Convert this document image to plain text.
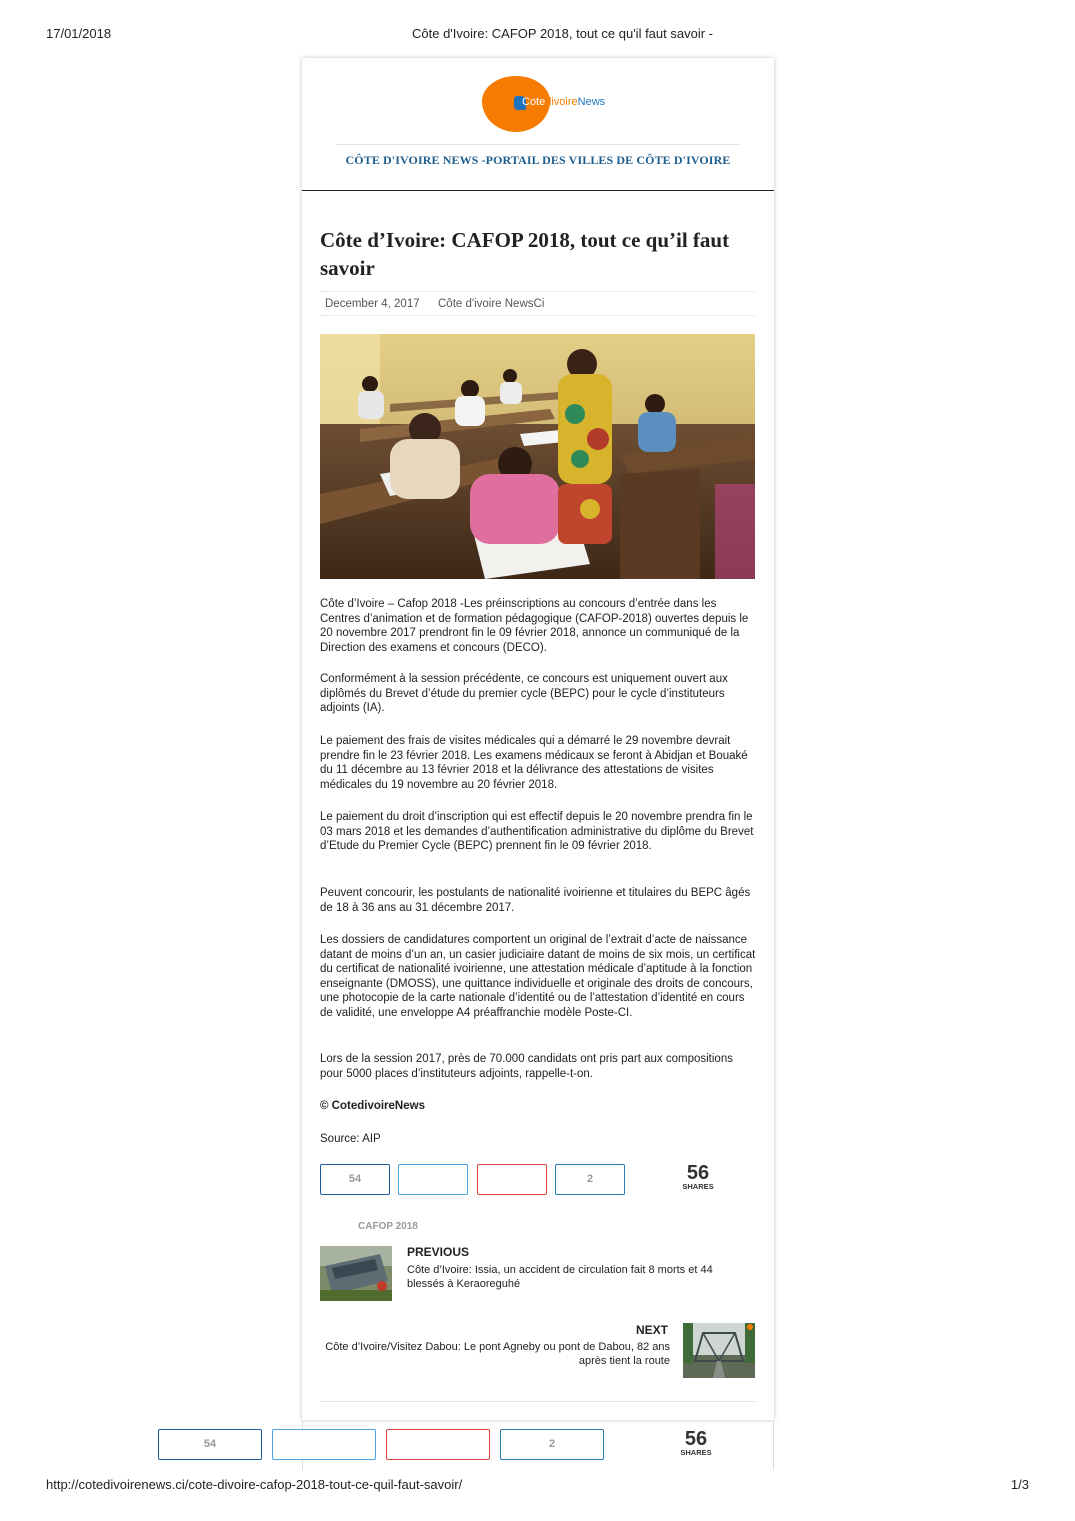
17/01/2018	Côte d'Ivoire: CAFOP 2018, tout ce qu'il faut savoir -
CotedivoireNews
CÔTE D'IVOIRE NEWS -PORTAIL DES VILLES DE CÔTE D'IVOIRE
Côte d’Ivoire: CAFOP 2018, tout ce qu’il faut savoir
December 4, 2017 Côte d'ivoire NewsCi

Côte d’Ivoire – Cafop 2018 -Les préinscriptions au concours d’entrée dans les Centres d’animation et de formation pédagogique (CAFOP-2018) ouvertes depuis le 20 novembre 2017 prendront fin le 09 février 2018, annonce un communiqué de la Direction des examens et concours (DECO).

Conformément à la session précédente, ce concours est uniquement ouvert aux diplômés du Brevet d’étude du premier cycle (BEPC) pour le cycle d’instituteurs adjoints (IA).

Le paiement des frais de visites médicales qui a démarré le 29 novembre devrait prendre fin le 23 février 2018. Les examens médicaux se feront à Abidjan et Bouaké du 11 décembre au 13 février 2018 et la délivrance des attestations de visites médicales du 19 novembre au 20 février 2018.

Le paiement du droit d’inscription qui est effectif depuis le 20 novembre prendra fin le 03 mars 2018 et les demandes d’authentification administrative du diplôme du Brevet d’Etude du Premier Cycle (BEPC) prennent fin le 09 février 2018.

Peuvent concourir, les postulants de nationalité ivoirienne et titulaires du BEPC âgés de 18 à 36 ans au 31 décembre 2017.

Les dossiers de candidatures comportent un original de l’extrait d’acte de naissance datant de moins d’un an, un casier judiciaire datant de moins de six mois, un certificat du certificat de nationalité ivoirienne, une attestation médicale d’aptitude à la fonction enseignante (DMOSS), une quittance individuelle et originale des droits de concours, une photocopie de la carte nationale d’identité ou de l’attestation d’identité en cours de validité, une enveloppe A4 préaffranchie modèle Poste-CI.

Lors de la session 2017, près de 70.000 candidats ont pris part aux compositions pour 5000 places d’instituteurs adjoints, rappelle-t-on.

© CotedivoireNews

Source: AIP

54	2	56
SHARES
CAFOP 2018
PREVIOUS
Côte d’Ivoire: Issia, un accident de circulation fait 8 morts et 44 blessés à Keraoreguhé
NEXT
Côte d’Ivoire/Visitez Dabou: Le pont Agneby ou pont de Dabou, 82 ans après tient la route
54	2	56
SHARES
http://cotedivoirenews.ci/cote-divoire-cafop-2018-tout-ce-quil-faut-savoir/	1/3
